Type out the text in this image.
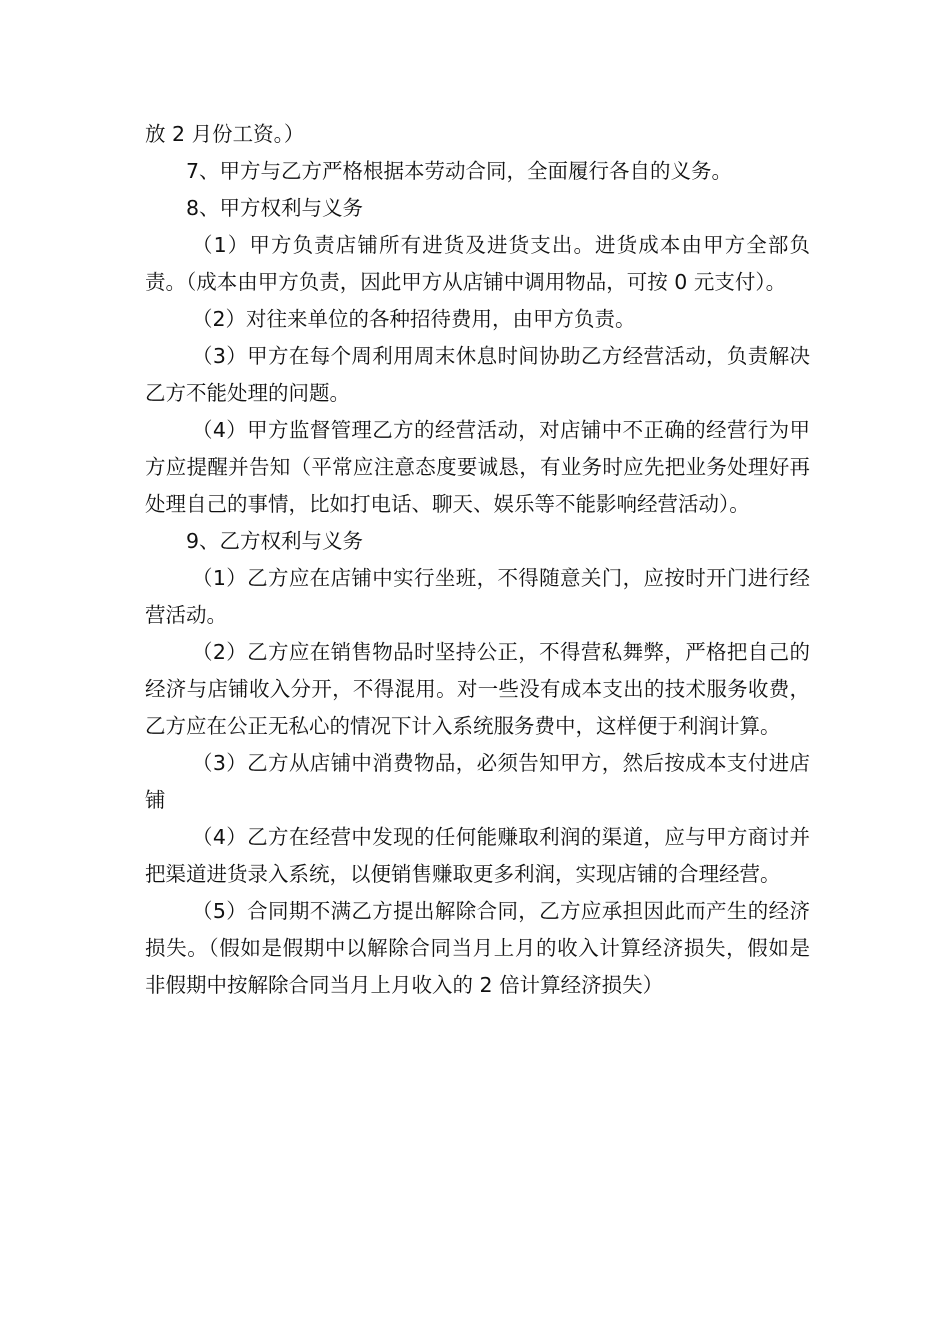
放 2 月份工资。）

7、甲方与乙方严格根据本劳动合同，全面履行各自的义务。

8、甲方权利与义务

（1）甲方负责店铺所有进货及进货支出。进货成本由甲方全部负责。（成本由甲方负责，因此甲方从店铺中调用物品，可按 0 元支付）。

（2）对往来单位的各种招待费用，由甲方负责。

（3）甲方在每个周利用周末休息时间协助乙方经营活动，负责解决乙方不能处理的问题。

（4）甲方监督管理乙方的经营活动，对店铺中不正确的经营行为甲方应提醒并告知（平常应注意态度要诚恳，有业务时应先把业务处理好再处理自己的事情，比如打电话、聊天、娱乐等不能影响经营活动）。

9、乙方权利与义务

（1）乙方应在店铺中实行坐班，不得随意关门，应按时开门进行经营活动。

（2）乙方应在销售物品时坚持公正，不得营私舞弊，严格把自己的经济与店铺收入分开，不得混用。对一些没有成本支出的技术服务收费，乙方应在公正无私心的情况下计入系统服务费中，这样便于利润计算。

（3）乙方从店铺中消费物品，必须告知甲方，然后按成本支付进店铺

（4）乙方在经营中发现的任何能赚取利润的渠道，应与甲方商讨并把渠道进货录入系统，以便销售赚取更多利润，实现店铺的合理经营。

（5）合同期不满乙方提出解除合同，乙方应承担因此而产生的经济损失。（假如是假期中以解除合同当月上月的收入计算经济损失，假如是非假期中按解除合同当月上月收入的 2 倍计算经济损失）
